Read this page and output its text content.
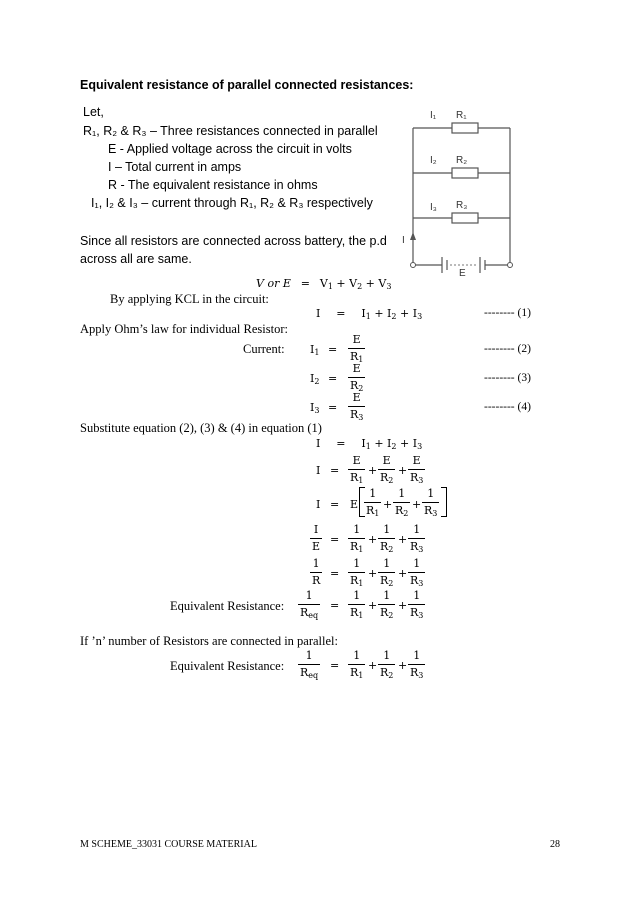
Equivalent resistance of parallel connected resistances:
Let,
R₁, R₂ & R₃ – Three resistances connected in parallel
E - Applied voltage across the circuit in volts
I – Total current in amps
R - The equivalent resistance in ohms
I₁, I₂ & I₃ – current through R₁, R₂ & R₃ respectively
Since all resistors are connected across battery, the p.d
across all are same.
I₁ R₁
I₂ R₂
I₃ R₃
I
E
V or $E = V_1 + V_2 + V_3$
By applying KCL in the circuit:
$I = I_1 + I_2 + I_3$	-------- (1)
Apply Ohm’s law for individual Resistor:
Current: $I_1$ =
E
$R_1$
-------- (2)
$I_2$ =
E
$R_2$
-------- (3)
$I_3$ =
E
$R_3$
-------- (4)
Substitute equation (2), (3) & (4) in equation (1)
$I = I_1 + I_2 + I_3$
I =
E
$R_1$
+
E
$R_2$
+
E
$R_3$
I = E
1
$R_1$
+
1
$R_2$
+
1
$R_3$
I
E
=
1
$R_1$
+
1
$R_2$
+
1
$R_3$
1
R
=
1
$R_1$
+
1
$R_2$
+
1
$R_3$
Equivalent Resistance:
1
$R_{eq}$
=
1
$R_1$
+
1
$R_2$
+
1
$R_3$
If ’n’ number of Resistors are connected in parallel:
Equivalent Resistance:
1
$R_{eq}$
=
1
$R_1$
+
1
$R_2$
+
1
$R_3$
M SCHEME_33031 COURSE MATERIAL	28
